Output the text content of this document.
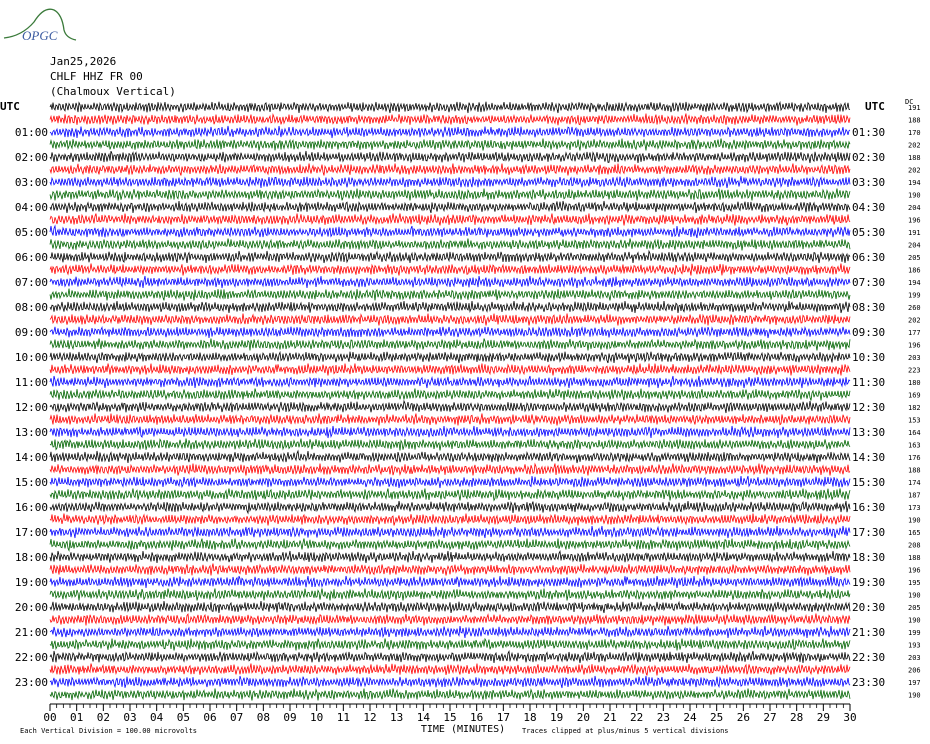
OPGC
Jan25,2026
CHLF HHZ FR 00
(Chalmoux Vertical)
00 01 02 03 04 05 06 07 08 09 10 11 12 13 14 15 16 17 18 19 20 21 22 23 24 25 26 27 28 29 30
01:00
02:00
03:00
04:00
05:00
06:00
07:00
08:00
09:00
10:00
11:00
12:00
13:00
14:00
15:00
16:00
17:00
18:00
19:00
20:00
21:00
22:00
23:00
01:30
02:30
03:30
04:30
05:30
06:30
07:30
08:30
09:30
10:30
11:30
12:30
13:30
14:30
15:30
16:30
17:30
18:30
19:30
20:30
21:30
22:30
23:30
191
188
170
202
188
202
194
190
204
196
191
204
205
186
194
199
260
202
177
196
203
223
180
169
182
153
164
163
176
188
174
187
173
190
165
208
188
196
195
190
205
190
199
193
203
206
197
190
UTC	UTC	DC
TIME (MINUTES)
Each Vertical Division = 100.00 microvolts	Traces clipped at plus/minus 5 vertical divisions
